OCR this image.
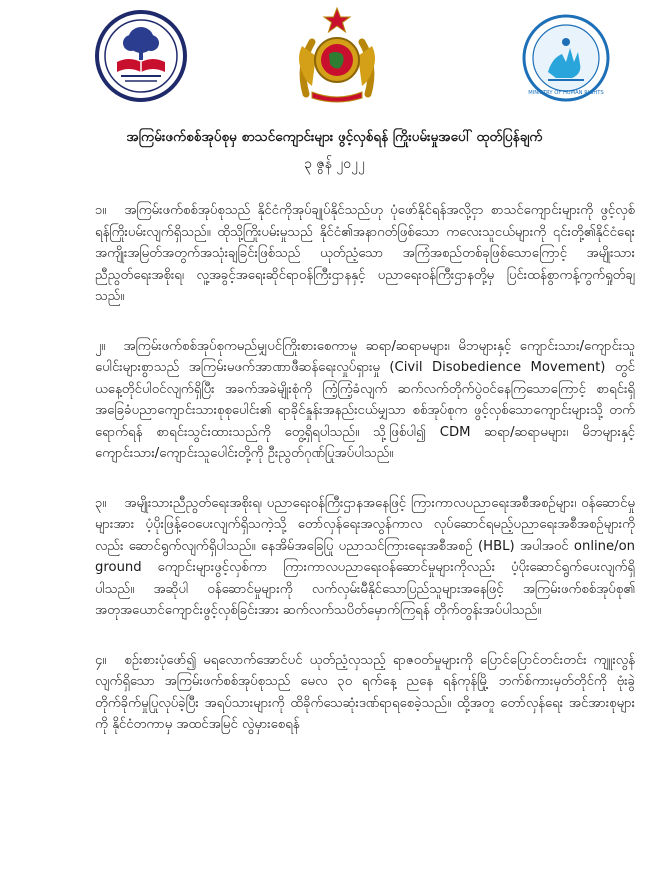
MINISTRY OF HUMAN RIGHTS
အကြမ်းဖက်စစ်အုပ်စုမှ စာသင်ကျောင်းများ ဖွင့်လှစ်ရန် ကြိုးပမ်းမှုအပေါ် ထုတ်ပြန်ချက်
၃ ဇွန် ၂၀၂၂

၁။ အကြမ်းဖက်စစ်အုပ်စုသည် နိုင်ငံကိုအုပ်ချုပ်နိုင်သည်ဟု ပုံဖော်နိုင်ရန်အလို့ငှာ စာသင်ကျောင်းများကို ဖွင့်လှစ်ရန်ကြိုးပမ်းလျက်ရှိသည်။ ထိုသို့ကြိုးပမ်းမှုသည် နိုင်ငံ၏အနာဂတ်ဖြစ်သော ကလေးသူငယ်များကို ၎င်းတို့၏နိုင်ငံရေးအကျိုးအမြတ်အတွက်အသုံးချခြင်းဖြစ်သည် ယုတ်ညံ့သော အကြံအစည်တစ်ခုဖြစ်သောကြောင့် အမျိုးသားညီညွတ်ရေးအစိုးရ၊ လူ့အခွင့်အရေးဆိုင်ရာဝန်ကြီးဌာနနှင့် ပညာရေးဝန်ကြီးဌာနတို့မှ ပြင်းထန်စွာကန့်ကွက်ရှုတ်ချသည်။

၂။ အကြမ်းဖက်စစ်အုပ်စုကမည်မျှပင်ကြိုးစားစေကာမူ ဆရာ/ဆရာမများ၊ မိဘများနှင့် ကျောင်းသား/ကျောင်းသူပေါင်းများစွာသည် အကြမ်းမဖက်အာဏာဖီဆန်ရေးလှုပ်ရှားမှု (Civil Disobedience Movement) တွင် ယနေ့တိုင်ပါဝင်လျက်ရှိပြီး အခက်အခဲမျိုးစုံကို ကြံ့ကြံ့ခံလျက် ဆက်လက်တိုက်ပွဲဝင်နေကြသောကြောင့် စာရင်းရှိ အခြေခံပညာကျောင်းသားစုစုပေါင်း၏ ရာခိုင်နှုန်းအနည်းငယ်မျှသာ စစ်အုပ်စုက ဖွင့်လှစ်သောကျောင်းများသို့ တက်ရောက်ရန် စာရင်းသွင်းထားသည်ကို တွေ့ရှိရပါသည်။ သို့ဖြစ်ပါ၍ CDM ဆရာ/ဆရာမများ၊ မိဘများနှင့် ကျောင်းသား/ကျောင်းသူပေါင်းတို့ကို ဦးညွတ်ဂုဏ်ပြုအပ်ပါသည်။

၃။ အမျိုးသားညီညွတ်ရေးအစိုးရ၊ ပညာရေးဝန်ကြီးဌာနအနေဖြင့် ကြားကာလပညာရေးအစီအစဉ်များ၊ ဝန်ဆောင်မှုများအား ပံ့ပိုးဖြန့်ဝေပေးလျက်ရှိသကဲ့သို့ တော်လှန်ရေးအလွန်ကာလ လုပ်ဆောင်ရမည့်ပညာရေးအစီအစဉ်များကိုလည်း ဆောင်ရွက်လျက်ရှိပါသည်။ နေအိမ်အခြေပြု ပညာသင်ကြားရေးအစီအစဉ် (HBL) အပါအဝင် online/on ground ကျောင်းများဖွင့်လှစ်ကာ ကြားကာလပညာရေးဝန်ဆောင်မှုများကိုလည်း ပံ့ပိုးဆောင်ရွက်ပေးလျက်ရှိပါသည်။ အဆိုပါ ဝန်ဆောင်မှုများကို လက်လှမ်းမီနိုင်သောပြည်သူများအနေဖြင့် အကြမ်းဖက်စစ်အုပ်စု၏ အတုအယောင်ကျောင်းဖွင့်လှစ်ခြင်းအား ဆက်လက်သပိတ်မှောက်ကြရန် တိုက်တွန်းအပ်ပါသည်။

၄။ စဉ်းစားပုံဖော်၍ မရလောက်အောင်ပင် ယုတ်ညံ့လှသည့် ရာဇဝတ်မှုများကို ပြောင်ပြောင်တင်းတင်း ကျူးလွန်လျက်ရှိသော အကြမ်းဖက်စစ်အုပ်စုသည် မေလ ၃၀ ရက်နေ့ ညနေ ရန်ကုန်မြို့ ဘက်စ်ကားမှတ်တိုင်ကို ဗုံးခွဲတိုက်ခိုက်မှုပြုလုပ်ခဲ့ပြီး အရပ်သားများကို ထိခိုက်သေဆုံးဒဏ်ရာရစေခဲ့သည်။ ထို့အတူ တော်လှန်ရေး အင်အားစုများကို နိုင်ငံတကာမှ အထင်အမြင် လွဲမှားစေရန်
